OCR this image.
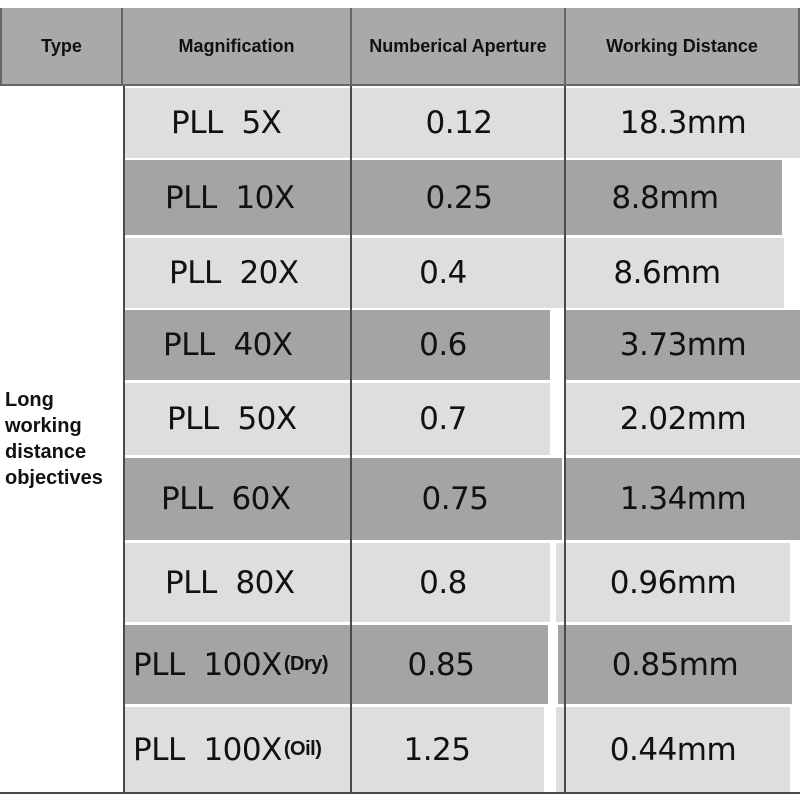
Type	Magnification	Numberical Aperture	Working Distance
Long
working
distance
objectives
PLL  5X	0.12	18.3mm
PLL  10X	0.25	8.8mm
PLL  20X	0.4	8.6mm
PLL  40X	0.6	3.73mm
PLL  50X	0.7	2.02mm
PLL  60X	0.75	1.34mm
PLL  80X	0.8	0.96mm
PLL  100X (Dry)	0.85	0.85mm
PLL  100X (Oil)	1.25	0.44mm
